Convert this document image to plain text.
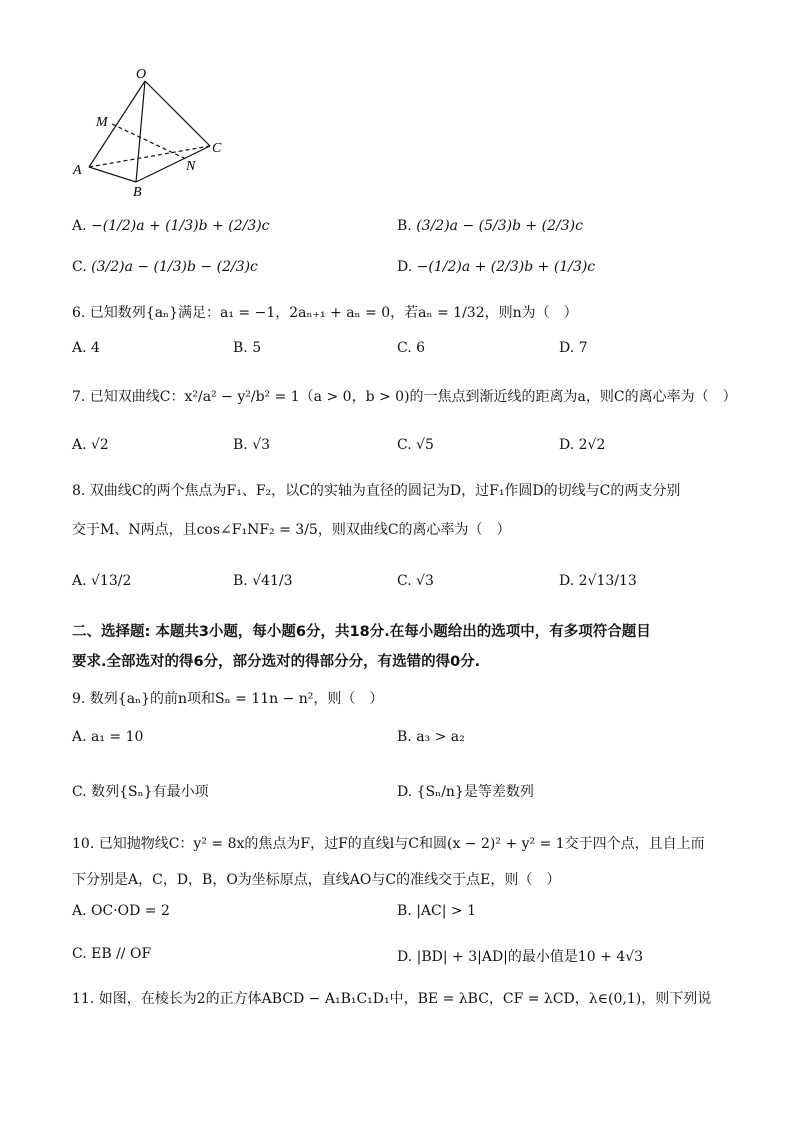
O
M
A
B
C
N
A. −(1/2)a + (1/3)b + (2/3)c	B. (3/2)a − (5/3)b + (2/3)c
C. (3/2)a − (1/3)b − (2/3)c	D. −(1/2)a + (2/3)b + (1/3)c
6. 已知数列{aₙ}满足：a₁ = −1，2aₙ₊₁ + aₙ = 0，若aₙ = 1/32，则n为（　）
A. 4	B. 5	C. 6	D. 7
7. 已知双曲线C：x²/a² − y²/b² = 1（a > 0，b > 0)的一焦点到渐近线的距离为a，则C的离心率为（　）
A. √2	B. √3	C. √5	D. 2√2
8. 双曲线C的两个焦点为F₁、F₂，以C的实轴为直径的圆记为D，过F₁作圆D的切线与C的两支分别
交于M、N两点，且cos∠F₁NF₂ = 3/5，则双曲线C的离心率为（　）
A. √13/2	B. √41/3	C. √3	D. 2√13/13
二、选择题: 本题共3小题，每小题6分，共18分.在每小题给出的选项中，有多项符合题目
要求.全部选对的得6分，部分选对的得部分分，有选错的得0分.
9. 数列{aₙ}的前n项和Sₙ = 11n − n²，则（　）
A. a₁ = 10	B. a₃ > a₂
C. 数列{Sₙ}有最小项	D. {Sₙ/n}是等差数列
10. 已知抛物线C：y² = 8x的焦点为F，过F的直线l与C和圆(x − 2)² + y² = 1交于四个点，且自上而
下分别是A，C，D，B，O为坐标原点，直线AO与C的准线交于点E，则（　）
A. OC·OD = 2	B. |AC| > 1
C. EB // OF	D. |BD| + 3|AD|的最小值是10 + 4√3
11. 如图，在棱长为2的正方体ABCD − A₁B₁C₁D₁中，BE = λBC，CF = λCD，λ∈(0,1)，则下列说
